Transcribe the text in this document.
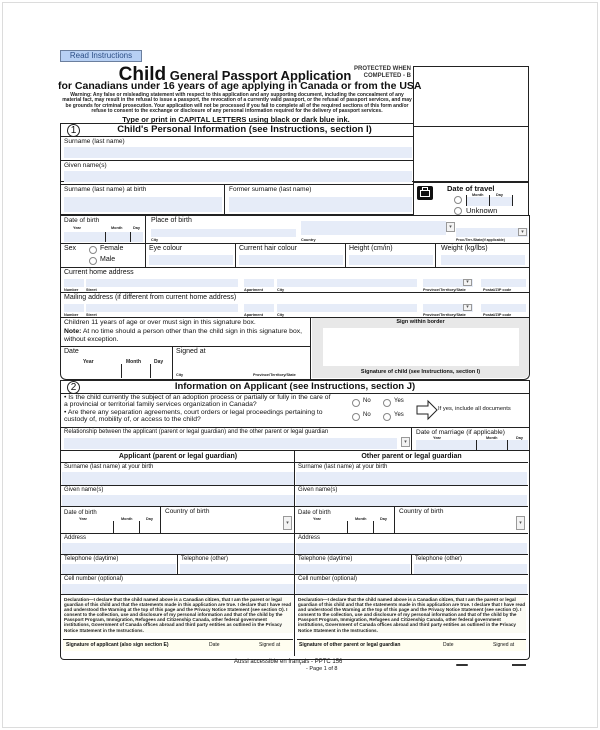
Read Instructions
Child General Passport Application PROTECTED WHEN COMPLETED - B
for Canadians under 16 years of age applying in Canada or from the USA
Warning: Any false or misleading statement with respect to this application and any supporting document, including the concealment of any material fact, may result in the refusal to issue a passport, the revocation of a currently valid passport, or the refusal of passport services, and may be grounds for criminal prosecution. Your application will not be processed if you fail to complete all of the required sections of this form and/or refuse to consent to the exchange or disclosure of any personal information required for the delivery of passport services.
Type or print in CAPITAL LETTERS using black or dark blue ink.
Date of travel
Month	Day
Unknown
1	Child's Personal Information (see Instructions, section I)
Surname (last name)
Given name(s)
Surname (last name) at birth	Former surname (last name)
Date of birth
Year	Month	Day
Place of birth
City
▾
Country
▾
Prov./Terr./State(if applicable)
Sex	Female
Male
Eye colour	Current hair colour	Height (cm/in)	Weight (kg/lbs)
Current home address
▾
Number Street	Apartment	City	Province/Territory/State	Postal/ZIP code
Mailing address (if different from current home address)
▾
Number Street	Apartment	City	Province/Territory/State	Postal/ZIP code
Children 11 years of age or over must sign in this signature box.
Note: At no time should a person other than the child sign in this signature box, without exception.
Date
Year	Month	Day
Signed at
City	Province/Territory/State
Sign within border
Signature of child (see Instructions, section I)
2	Information on Applicant (see Instructions, section J)
• Is the child currently the subject of an adoption process or partially or fully in the care of a provincial or territorial family services organization in Canada?
• Are there any separation agreements, court orders or legal proceedings pertaining to custody of, mobility of, or access to the child?
No	Yes
No	Yes
If yes, include all documents
Relationship between the applicant (parent or legal guardian) and the other parent or legal guardian
▾
Date of marriage (if applicable)
Year	Month	Day
Applicant (parent or legal guardian)
Surname (last name) at your birth
Given name(s)
Date of birth
Year	Month	Day
Country of birth
▾
Address
Telephone (daytime)	Telephone (other)
Cell number (optional)
Declaration—I declare that the child named above is a Canadian citizen, that I am the parent or legal guardian of this child and that the statements made in this application are true. I declare that I have read and understood the Warning at the top of this page and the Privacy Notice Statement (see section O). I consent to the collection, use and disclosure of my personal information and that of the child by the Passport Program, Immigration, Refugees and Citizenship Canada, other federal government institutions, Government of Canada offices abroad and third party entities as outlined in the Privacy Notice Statement in the Instructions.
Signature of applicant (also sign section E)	Date	Signed at
Other parent or legal guardian
Surname (last name) at your birth
Given name(s)
Date of birth
Year	Month	Day
Country of birth
▾
Address
Telephone (daytime)	Telephone (other)
Cell number (optional)
Declaration—I declare that the child named above is a Canadian citizen, that I am the parent or legal guardian of this child and that the statements made in this application are true. I declare that I have read and understood the Warning at the top of this page and the Privacy Notice Statement (see section O). I consent to the collection, use and disclosure of my personal information and that of the child by the Passport Program, Immigration, Refugees and Citizenship Canada, other federal government institutions, Government of Canada offices abroad and third party entities as outlined in the Privacy Notice Statement in the Instructions.
Signature of other parent or legal guardian	Date	Signed at
Aussi accessible en français - PPTC 156
- Page 1 of 8
